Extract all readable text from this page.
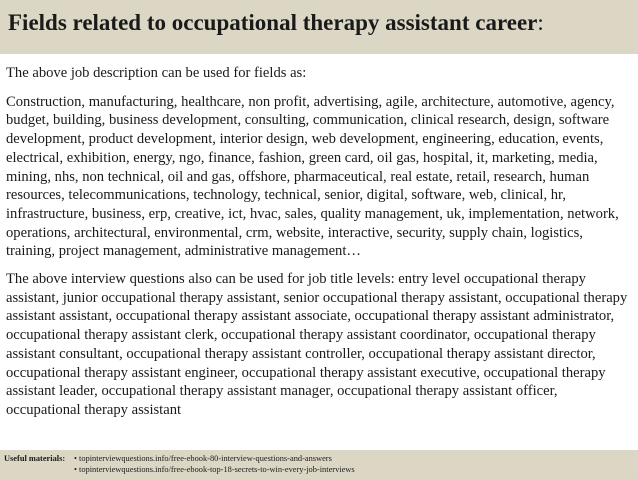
Fields related to occupational therapy assistant career:

The above job description can be used for fields as:

Construction, manufacturing, healthcare, non profit, advertising, agile, architecture, automotive, agency, budget, building, business development, consulting, communication, clinical research, design, software development, product development, interior design, web development, engineering, education, events, electrical, exhibition, energy, ngo, finance, fashion, green card, oil gas, hospital, it, marketing, media, mining, nhs, non technical, oil and gas, offshore, pharmaceutical, real estate, retail, research, human resources, telecommunications, technology, technical, senior, digital, software, web, clinical, hr, infrastructure, business, erp, creative, ict, hvac, sales, quality management, uk, implementation, network, operations, architectural, environmental, crm, website, interactive, security, supply chain, logistics, training, project management, administrative management…

The above interview questions also can be used for job title levels: entry level occupational therapy assistant, junior occupational therapy assistant, senior occupational therapy assistant, occupational therapy assistant assistant, occupational therapy assistant associate, occupational therapy assistant administrator, occupational therapy assistant clerk, occupational therapy assistant coordinator, occupational therapy assistant consultant, occupational therapy assistant controller, occupational therapy assistant director, occupational therapy assistant engineer, occupational therapy assistant executive, occupational therapy assistant leader, occupational therapy assistant manager, occupational therapy assistant officer, occupational therapy assistant

Useful materials: • topinterviewquestions.info/free-ebook-80-interview-questions-and-answers
• topinterviewquestions.info/free-ebook-top-18-secrets-to-win-every-job-interviews
